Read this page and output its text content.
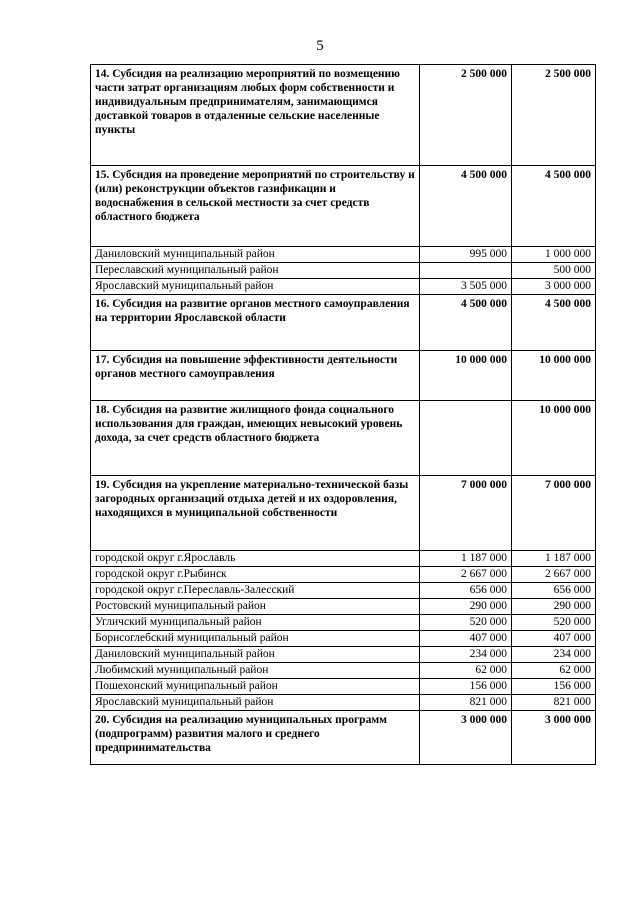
5
14. Субсидия на реализацию мероприятий по возмещению части затрат организациям любых форм собственности и индивидуальным предпринимателям, занимающимся доставкой товаров в отдаленные сельские населенные пункты	2 500 000	2 500 000
15. Субсидия на проведение мероприятий по строительству и (или) реконструкции объектов газификации и водоснабжения в сельской местности за счет средств областного бюджета	4 500 000	4 500 000
Даниловский муниципальный район	995 000	1 000 000
Переславский муниципальный район		500 000
Ярославский муниципальный район	3 505 000	3 000 000
16. Субсидия на развитие органов местного самоуправления на территории Ярославской области	4 500 000	4 500 000
17. Субсидия на повышение эффективности деятельности органов местного самоуправления	10 000 000	10 000 000
18. Субсидия на развитие жилищного фонда социального использования для граждан, имеющих невысокий уровень дохода, за счет средств областного бюджета		10 000 000
19. Субсидия на укрепление материально-технической базы загородных организаций отдыха детей и их оздоровления, находящихся в муниципальной собственности	7 000 000	7 000 000
городской округ г.Ярославль	1 187 000	1 187 000
городской округ г.Рыбинск	2 667 000	2 667 000
городской округ г.Переславль-Залесский	656 000	656 000
Ростовский муниципальный район	290 000	290 000
Угличский муниципальный район	520 000	520 000
Борисоглебский муниципальный район	407 000	407 000
Даниловский муниципальный район	234 000	234 000
Любимский муниципальный район	62 000	62 000
Пошехонский муниципальный район	156 000	156 000
Ярославский муниципальный район	821 000	821 000
20. Субсидия на реализацию муниципальных программ (подпрограмм) развития малого и среднего предпринимательства	3 000 000	3 000 000
